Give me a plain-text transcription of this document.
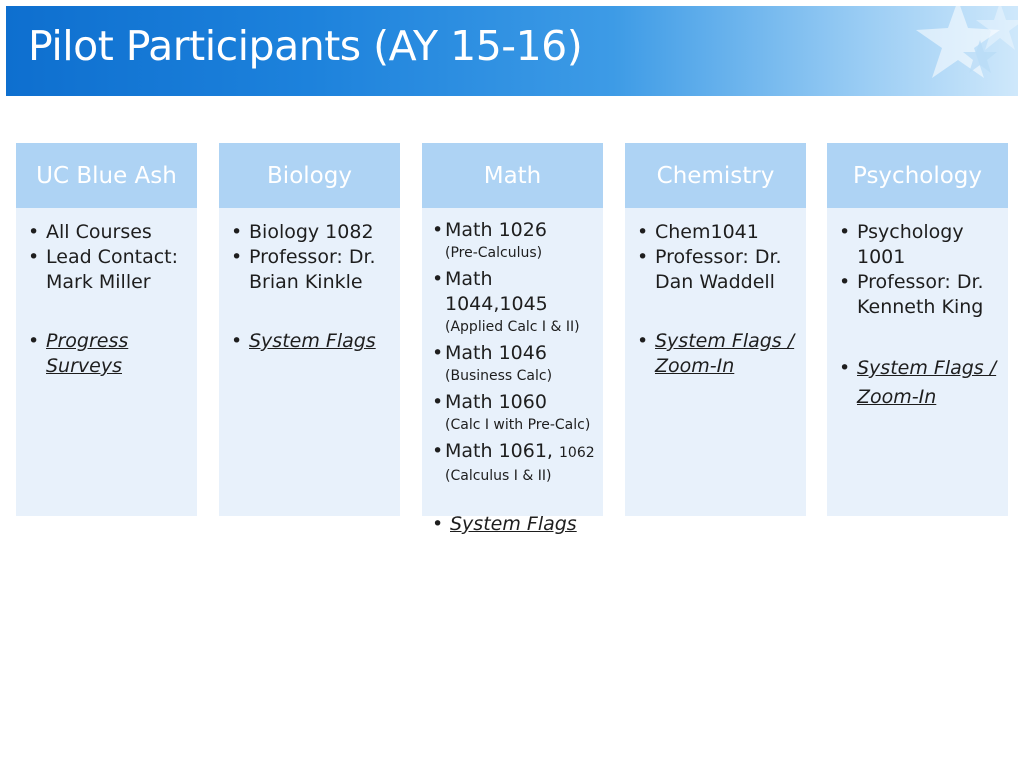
Pilot Participants (AY 15-16)
UC Blue Ash
• All Courses
• Lead Contact: Mark Miller
• Progress Surveys
Biology
• Biology 1082
• Professor: Dr. Brian Kinkle
• System Flags
Math
• Math 1026
(Pre-Calculus)
• Math 1044,1045
(Applied Calc I & II)
• Math 1046
(Business Calc)
• Math 1060
(Calc I with Pre-Calc)
• Math 1061, 1062
(Calculus I & II)
• System Flags
Chemistry
• Chem1041
• Professor: Dr. Dan Waddell
• System Flags / Zoom-In
Psychology
• Psychology 1001
• Professor: Dr. Kenneth King
• System Flags / Zoom-In
